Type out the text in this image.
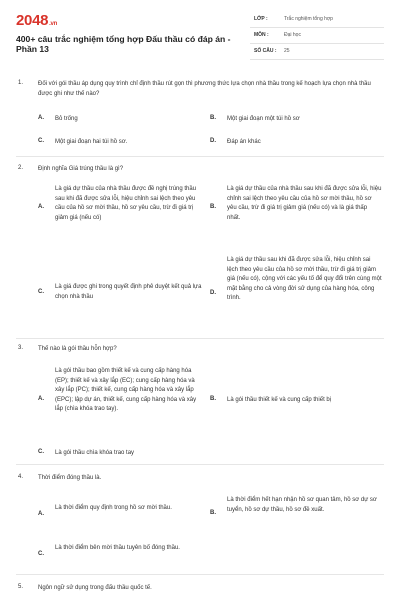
2048.vn
400+ câu trắc nghiệm tổng hợp Đấu thầu có đáp án - Phần 13
LỚP :	Trắc nghiệm tổng hợp
MÔN :	Đại học
SỐ CÂU : 25
1. Đối với gói thầu áp dụng quy trình chỉ định thầu rút gọn thì phương thức lựa chọn nhà thầu trong kế hoạch lựa chọn nhà thầu được ghi như thế nào?
A. Bỏ trống	B. Một giai đoạn một túi hồ sơ
C. Một giai đoạn hai túi hồ sơ.	D. Đáp án khác
2. Định nghĩa Giá trúng thầu là gì?
A.
Là giá dự thầu của nhà thầu được đề nghị trúng thầu sau khi đã được sửa lỗi, hiệu chỉnh sai lệch theo yêu cầu của hồ sơ mời thầu, hồ sơ yêu cầu, trừ đi giá trị giảm giá (nếu có)
B.
Là giá dự thầu của nhà thầu sau khi đã được sửa lỗi, hiệu chỉnh sai lệch theo yêu cầu của hồ sơ mời thầu, hồ sơ yêu cầu, trừ đi giá trị giảm giá (nếu có) và là giá thấp nhất.
C.
Là giá được ghi trong quyết định phê duyệt kết quả lựa chọn nhà thầu
D.
Là giá dự thầu sau khi đã được sửa lỗi, hiệu chỉnh sai lệch theo yêu cầu của hồ sơ mời thầu, trừ đi giá trị giảm giá (nếu có), cộng với các yếu tố để quy đổi trên cùng một mặt bằng cho cả vòng đời sử dụng của hàng hóa, công trình.
3. Thế nào là gói thầu hỗn hợp?
A.
Là gói thầu bao gồm thiết kế và cung cấp hàng hóa (EP); thiết kế và xây lắp (EC); cung cấp hàng hóa và xây lắp (PC); thiết kế, cung cấp hàng hóa và xây lắp (EPC); lập dự án, thiết kế, cung cấp hàng hóa và xây lắp (chìa khóa trao tay).
B. Là gói thầu thiết kế và cung cấp thiết bị
C. Là gói thầu chìa khóa trao tay
4. Thời điểm đóng thầu là.
A.
Là thời điểm quy định trong hồ sơ mời thầu.
B.
Là thời điểm hết hạn nhận hồ sơ quan tâm, hồ sơ dự sơ tuyển, hồ sơ dự thầu, hồ sơ đề xuất.
C.
Là thời điểm bên mời thầu tuyên bố đóng thầu.
5. Ngôn ngữ sử dụng trong đấu thầu quốc tế.
